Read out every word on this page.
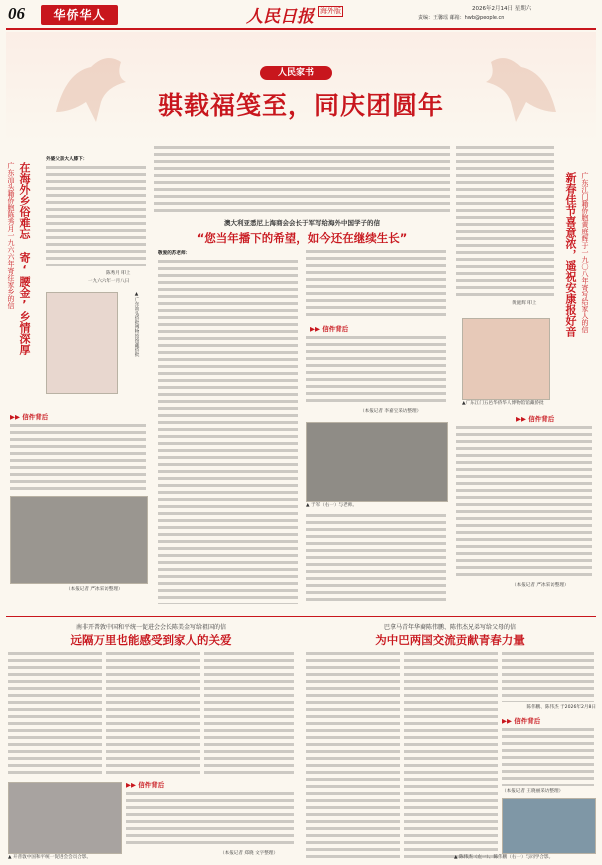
06	华侨华人	人民日报 海外版	2026年2月14日 星期六
责编：王馨瑶 邮箱：hwb@people.cn
人民家书
骐载福笺至，同庆团圆年
广东汕头籍侨胞陈秀月一九六六年寄往家乡的信 在海外乡俗难忘 寄‘腰金’乡情深厚
外婆父亲大人膝下：
陈秀月 叩上
一九六六年一月八日
▲广东汕头侨批博物馆馆藏侨批
▶▶ 信件背后
（本报记者 严冰采访整理）
澳大利亚悉尼上海商会会长于军写给海外中国学子的信
“您当年播下的希望，如今还在继续生长”
敬爱的苏老师：
▶▶ 信件背后
（本报记者 李嘉宝采访整理）
▲ 于军（右一）与老师。
黄庭辉 叩上	新春佳节喜意浓，遥祝安康报好音 广东江门籍侨胞黄庭辉于一九〇八年寄写给家人的信
▲广东江门五邑华侨华人博物馆馆藏侨批
▶▶ 信件背后
（本报记者 严冰采访整理）
南非开普敦中国和平统一促进会会长陈美金写给祖国的信
远隔万里也能感受到家人的关爱
▲ 开普敦中国和平统一促进会会员合影。
▶▶ 信件背后
（本报记者 郑晓 文字整理）
巴拿马青年华裔陈伟鹏、陈伟杰兄弟写给父母的信
为中巴两国交流贡献青春力量
陈伟鹏、陈伟杰 于2026年2月8日
▶▶ 信件背后
（本报记者 王晓丽采访整理）
▲ 陈伟杰（左一）、陈伟鹏（右一）与同学合影。
